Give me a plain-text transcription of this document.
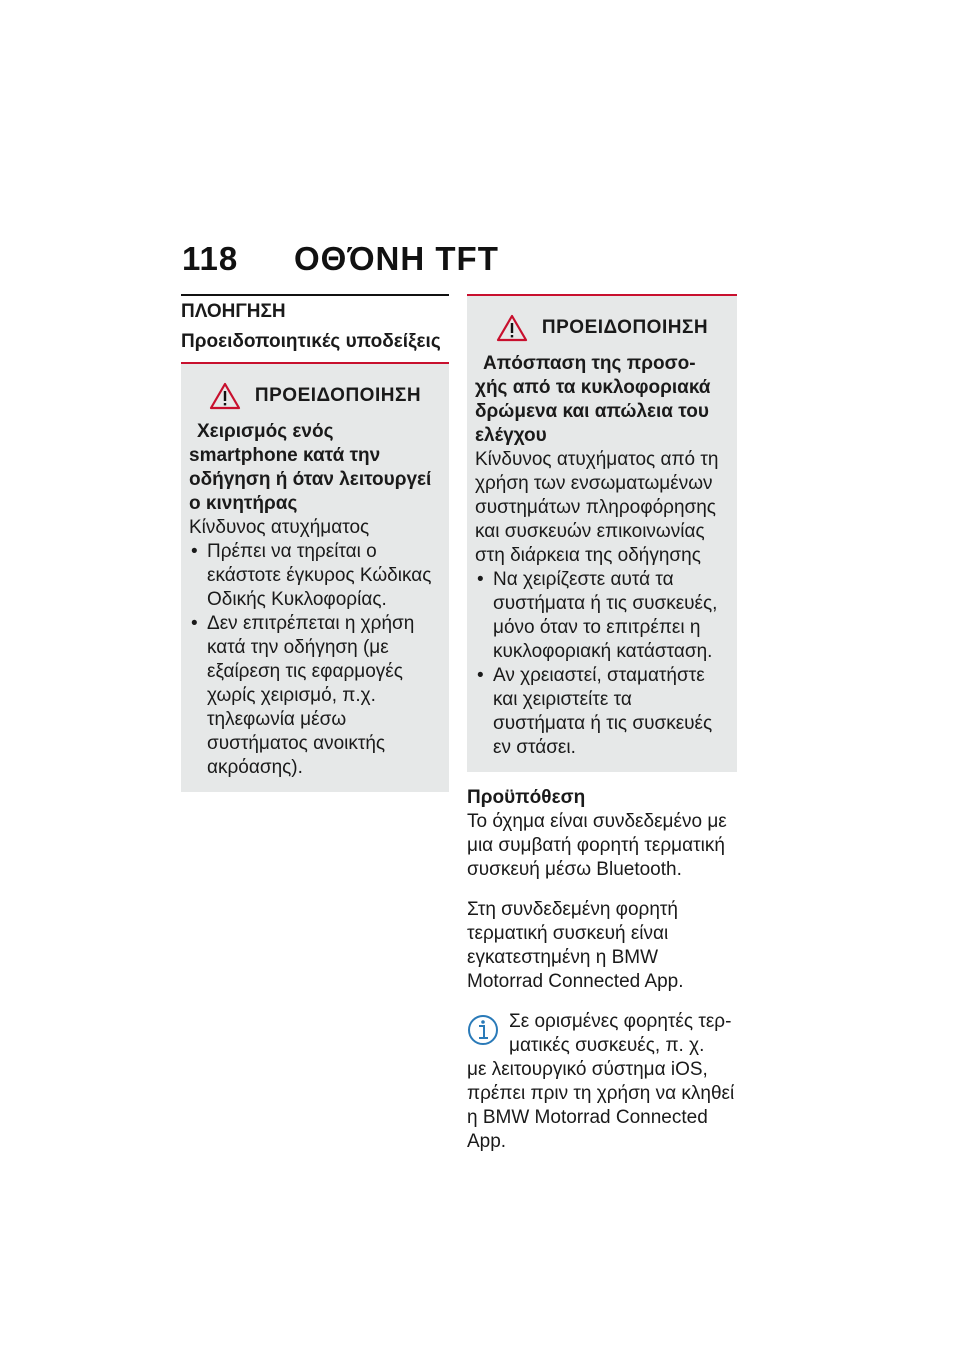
118 ΟΘΌΝΗ TFT
ΠΛΟΗΓΗΣΗ
Προειδοποιητικές υποδείξεις
ΠΡΟΕΙΔΟΠΟΙΗΣΗ
Χειρισμός ενός
smartphone κατά την
οδήγηση ή όταν λειτουργεί
ο κινητήρας
Κίνδυνος ατυχήματος
• Πρέπει να τηρείται ο εκάστοτε έγκυρος Κώδικας Οδικής Κυκλοφορίας.
• Δεν επιτρέπεται η χρήση κατά την οδήγηση (με εξαίρεση τις εφαρμογές χωρίς χειρισμό, π.χ. τηλεφωνία μέσω συστήματος ανοικτής ακρόασης).
ΠΡΟΕΙΔΟΠΟΙΗΣΗ
Απόσπαση της προσο-
χής από τα κυκλοφοριακά
δρώμενα και απώλεια του
ελέγχου
Κίνδυνος ατυχήματος από τη χρήση των ενσωματωμένων συστημάτων πληροφόρησης και συσκευών επικοινωνίας στη διάρκεια της οδήγησης
• Να χειρίζεστε αυτά τα συστήματα ή τις συσκευές, μόνο όταν το επιτρέπει η κυκλοφοριακή κατάσταση.
• Αν χρειαστεί, σταματήστε και χειριστείτε τα συστήματα ή τις συσκευές εν στάσει.
Προϋπόθεση

Το όχημα είναι συνδεδεμένο με μια συμβατή φορητή τερματική συσκευή μέσω Bluetooth.

Στη συνδεδεμένη φορητή τερματική συσκευή είναι εγκατεστημένη η BMW Motorrad Connected App.

Σε ορισμένες φορητές τερ-
ματικές συσκευές, π. χ.
με λειτουργικό σύστημα iOS, πρέπει πριν τη χρήση να κληθεί η BMW Motorrad Connected App.
